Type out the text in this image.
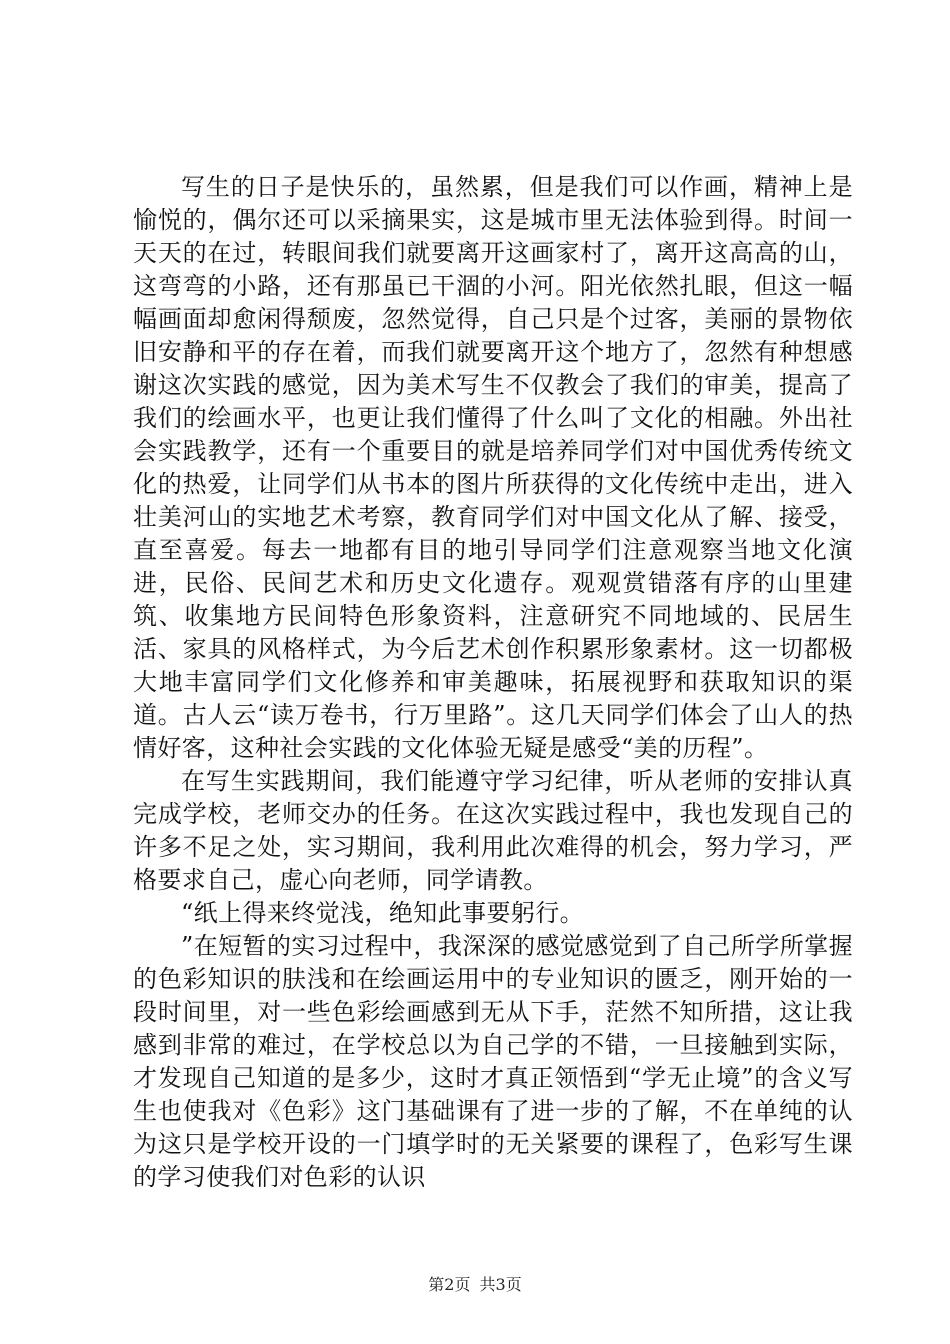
写生的日子是快乐的，虽然累，但是我们可以作画，精神上是愉悦的，偶尔还可以采摘果实，这是城市里无法体验到得。时间一天天的在过，转眼间我们就要离开这画家村了，离开这高高的山，这弯弯的小路，还有那虽已干涸的小河。阳光依然扎眼，但这一幅幅画面却愈闲得颓废，忽然觉得，自己只是个过客，美丽的景物依旧安静和平的存在着，而我们就要离开这个地方了，忽然有种想感谢这次实践的感觉，因为美术写生不仅教会了我们的审美，提高了我们的绘画水平，也更让我们懂得了什么叫了文化的相融。外出社会实践教学，还有一个重要目的就是培养同学们对中国优秀传统文化的热爱，让同学们从书本的图片所获得的文化传统中走出，进入壮美河山的实地艺术考察，教育同学们对中国文化从了解、接受，直至喜爱。每去一地都有目的地引导同学们注意观察当地文化演进，民俗、民间艺术和历史文化遗存。观观赏错落有序的山里建筑、收集地方民间特色形象资料，注意研究不同地域的、民居生活、家具的风格样式，为今后艺术创作积累形象素材。这一切都极大地丰富同学们文化修养和审美趣味，拓展视野和获取知识的渠道。古人云“读万卷书，行万里路”。这几天同学们体会了山人的热情好客，这种社会实践的文化体验无疑是感受“美的历程”。

在写生实践期间，我们能遵守学习纪律，听从老师的安排认真完成学校，老师交办的任务。在这次实践过程中，我也发现自己的许多不足之处，实习期间，我利用此次难得的机会，努力学习，严格要求自己，虚心向老师，同学请教。

“纸上得来终觉浅，绝知此事要躬行。

”在短暂的实习过程中，我深深的感觉感觉到了自己所学所掌握的色彩知识的肤浅和在绘画运用中的专业知识的匮乏，刚开始的一段时间里，对一些色彩绘画感到无从下手，茫然不知所措，这让我感到非常的难过，在学校总以为自己学的不错，一旦接触到实际，才发现自己知道的是多少，这时才真正领悟到“学无止境”的含义写生也使我对《色彩》这门基础课有了进一步的了解，不在单纯的认为这只是学校开设的一门填学时的无关紧要的课程了，色彩写生课的学习使我们对色彩的认识

第2页 共3页
